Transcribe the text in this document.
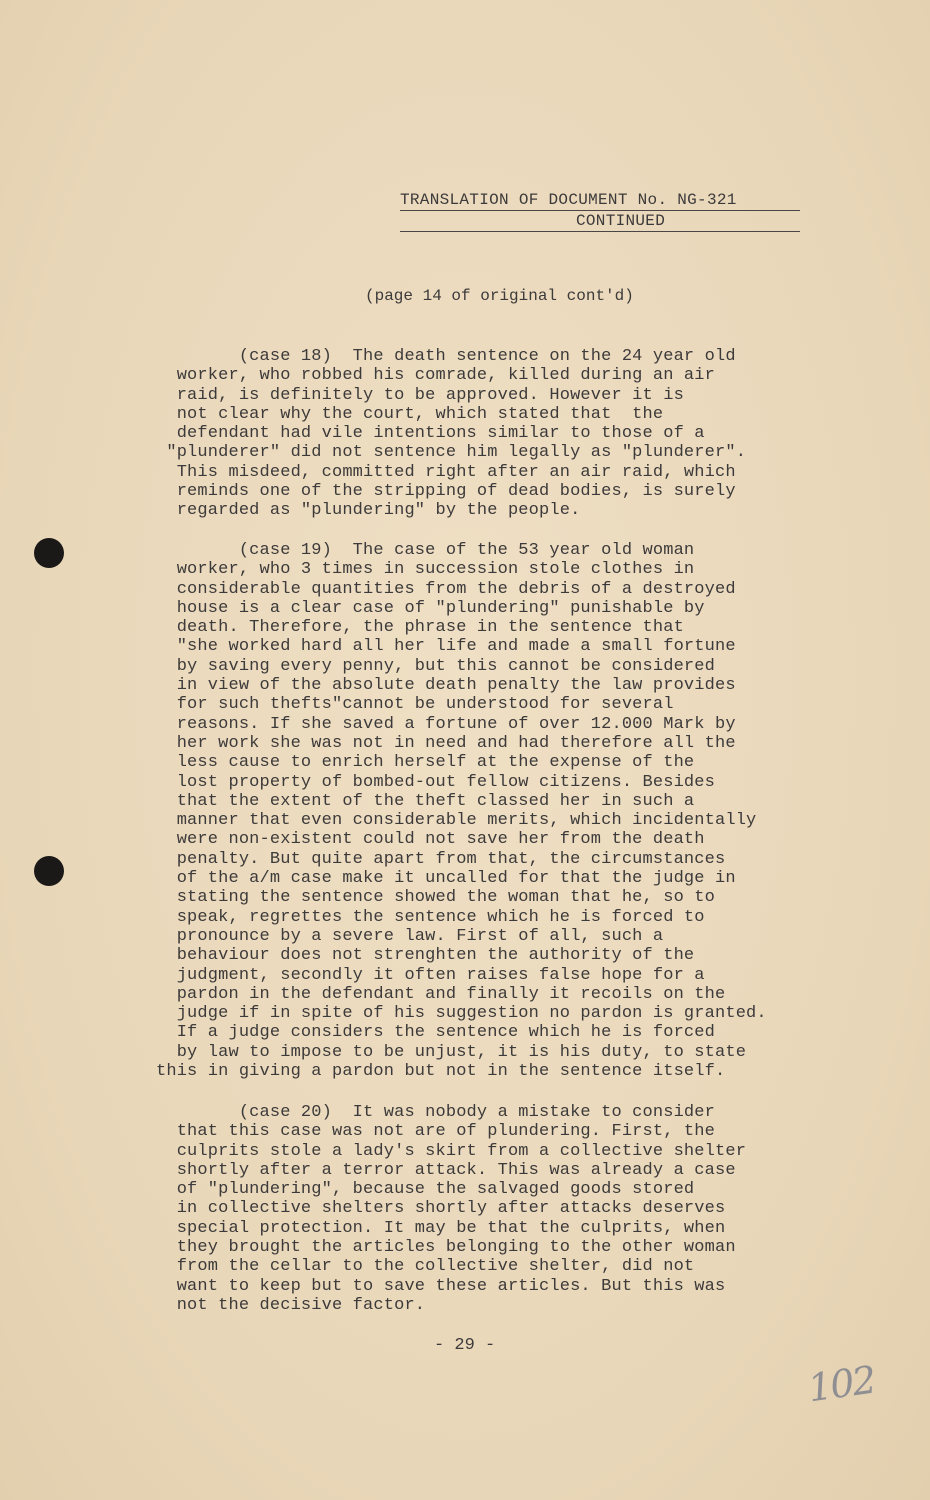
TRANSLATION OF DOCUMENT No. NG-321
CONTINUED
(page 14 of original cont'd)
(case 18)  The death sentence on the 24 year old
worker, who robbed his comrade, killed during an air
raid, is definitely to be approved. However it is
not clear why the court, which stated that  the
defendant had vile intentions similar to those of a
"plunderer" did not sentence him legally as "plunderer".
This misdeed, committed right after an air raid, which
reminds one of the stripping of dead bodies, is surely
regarded as "plundering" by the people.
(case 19)  The case of the 53 year old woman
worker, who 3 times in succession stole clothes in
considerable quantities from the debris of a destroyed
house is a clear case of "plundering" punishable by
death. Therefore, the phrase in the sentence that
"she worked hard all her life and made a small fortune
by saving every penny, but this cannot be considered
in view of the absolute death penalty the law provides
for such thefts"cannot be understood for several
reasons. If she saved a fortune of over 12.000 Mark by
her work she was not in need and had therefore all the
less cause to enrich herself at the expense of the
lost property of bombed-out fellow citizens. Besides
that the extent of the theft classed her in such a
manner that even considerable merits, which incidentally
were non-existent could not save her from the death
penalty. But quite apart from that, the circumstances
of the a/m case make it uncalled for that the judge in
stating the sentence showed the woman that he, so to
speak, regrettes the sentence which he is forced to
pronounce by a severe law. First of all, such a
behaviour does not strenghten the authority of the
judgment, secondly it often raises false hope for a
pardon in the defendant and finally it recoils on the
judge if in spite of his suggestion no pardon is granted.
If a judge considers the sentence which he is forced
by law to impose to be unjust, it is his duty, to state
this in giving a pardon but not in the sentence itself.
(case 20)  It was nobody a mistake to consider
that this case was not are of plundering. First, the
culprits stole a lady's skirt from a collective shelter
shortly after a terror attack. This was already a case
of "plundering", because the salvaged goods stored
in collective shelters shortly after attacks deserves
special protection. It may be that the culprits, when
they brought the articles belonging to the other woman
from the cellar to the collective shelter, did not
want to keep but to save these articles. But this was
not the decisive factor.
- 29 -
102
